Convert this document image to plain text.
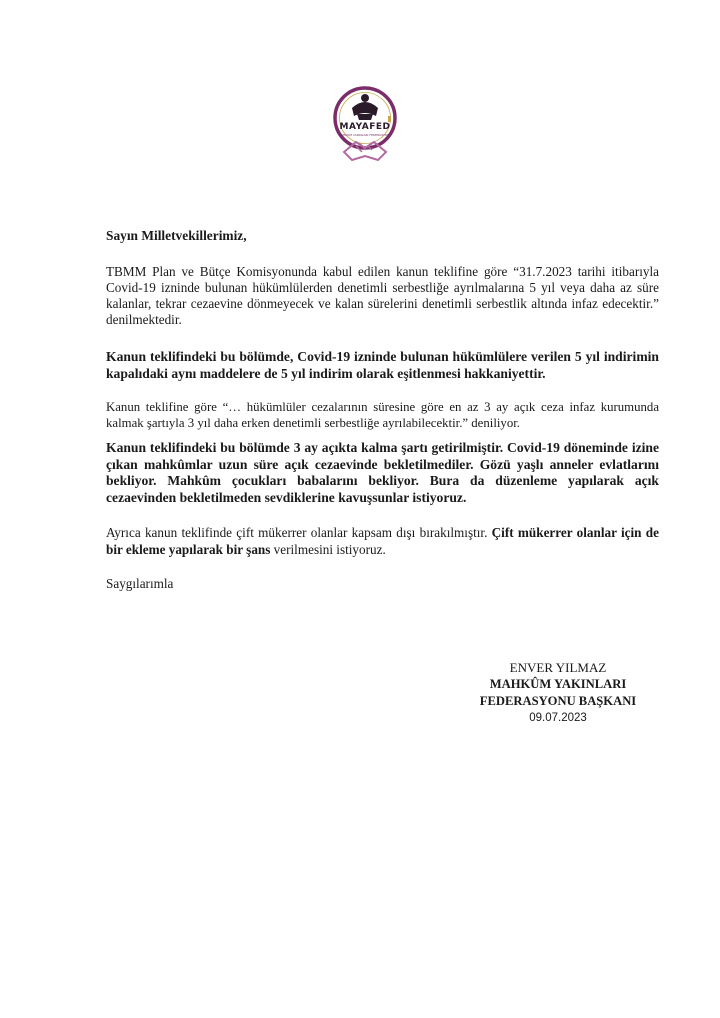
MAYAFED
MAHKÛM YAKINLARI FEDERASYONU
Sayın Milletvekillerimiz,
TBMM Plan ve Bütçe Komisyonunda kabul edilen kanun teklifine göre “31.7.2023 tarihi itibarıyla Covid-19 izninde bulunan hükümlülerden denetimli serbestliğe ayrılmalarına 5 yıl veya daha az süre kalanlar, tekrar cezaevine dönmeyecek ve kalan sürelerini denetimli serbestlik altında infaz edecektir.” denilmektedir.
Kanun teklifindeki bu bölümde, Covid-19 izninde bulunan hükümlülere verilen 5 yıl indirimin kapalıdaki aynı maddelere de 5 yıl indirim olarak eşitlenmesi hakkaniyettir.
Kanun teklifine göre “… hükümlüler cezalarının süresine göre en az 3 ay açık ceza infaz kurumunda kalmak şartıyla 3 yıl daha erken denetimli serbestliğe ayrılabilecektir.” deniliyor.
Kanun teklifindeki bu bölümde 3 ay açıkta kalma şartı getirilmiştir. Covid-19 döneminde izine çıkan mahkûmlar uzun süre açık cezaevinde bekletilmediler. Gözü yaşlı anneler evlatlarını bekliyor. Mahkûm çocukları babalarını bekliyor. Bura da düzenleme yapılarak açık cezaevinden bekletilmeden sevdiklerine kavuşsunlar istiyoruz.
Ayrıca kanun teklifinde çift mükerrer olanlar kapsam dışı bırakılmıştır. Çift mükerrer olanlar için de bir ekleme yapılarak bir şans verilmesini istiyoruz.
Saygılarımla
ENVER YILMAZ
MAHKÛM YAKINLARI
FEDERASYONU BAŞKANI
09.07.2023
